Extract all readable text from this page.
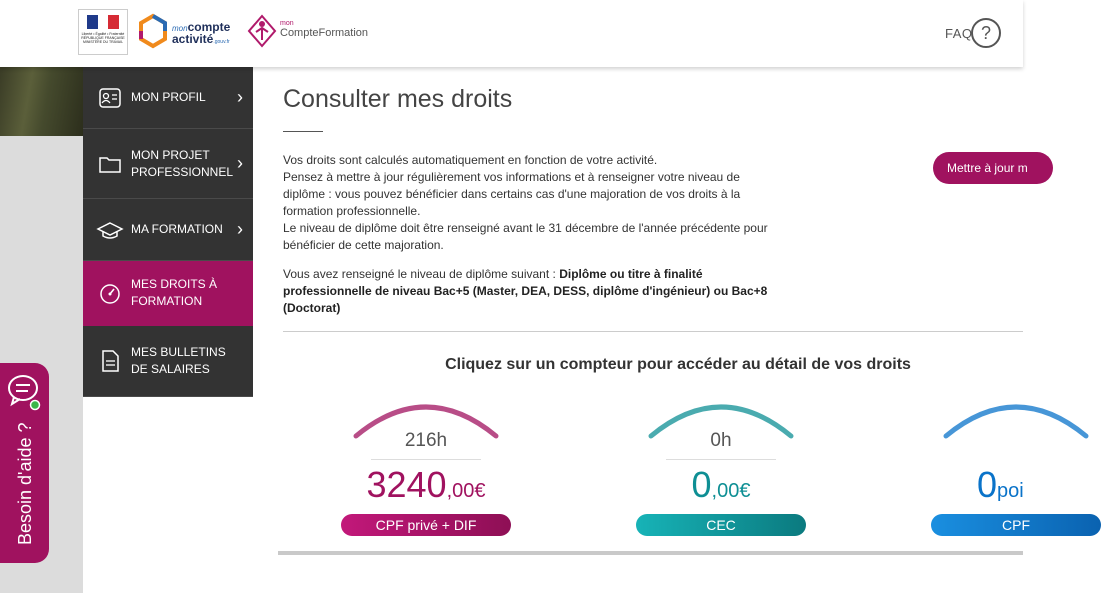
Liberté • Égalité • Fraternité RÉPUBLIQUE FRANÇAISE MINISTÈRE DU TRAVAIL
moncompte
activité.gouv.fr
mon
CompteFormation	FAQ ?
MON PROFIL	›
MON PROJET PROFESSIONNEL ›
MA FORMATION ›
MES DROITS À FORMATION
MES BULLETINS DE SALAIRES
Besoin d'aide ?
Consulter mes droits

Vos droits sont calculés automatiquement en fonction de votre activité.

Pensez à mettre à jour régulièrement vos informations et à renseigner votre niveau de diplôme : vous pouvez bénéficier dans certains cas d'une majoration de vos droits à la formation professionnelle.

Le niveau de diplôme doit être renseigné avant le 31 décembre de l'année précédente pour bénéficier de cette majoration.

Vous avez renseigné le niveau de diplôme suivant : Diplôme ou titre à finalité professionnelle de niveau Bac+5 (Master, DEA, DESS, diplôme d'ingénieur) ou Bac+8 (Doctorat)
Mettre à jour m
Cliquez sur un compteur pour accéder au détail de vos droits
216h
3240,00€
CPF privé + DIF
0h
0,00€
CEC
0poi
CPF
